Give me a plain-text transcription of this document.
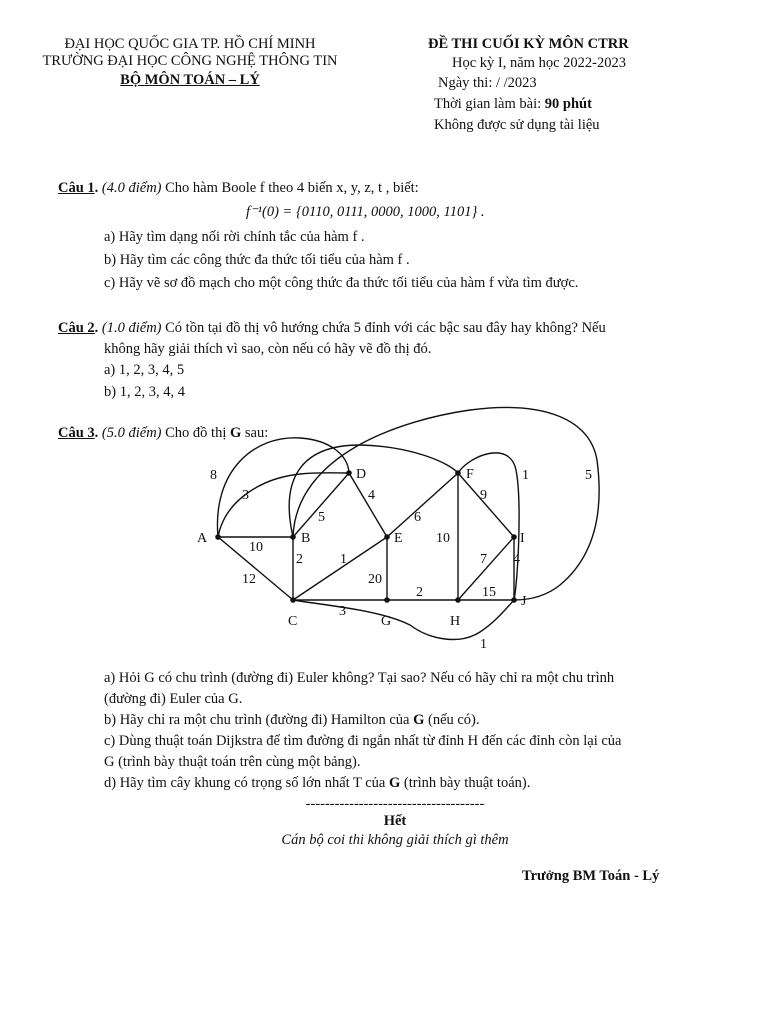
ĐẠI HỌC QUỐC GIA TP. HỒ CHÍ MINH
TRƯỜNG ĐẠI HỌC CÔNG NGHỆ THÔNG TIN
BỘ MÔN TOÁN – LÝ
ĐỀ THI CUỐI KỲ MÔN CTRR
Học kỳ I, năm học 2022-2023
Ngày thi: / /2023
Thời gian làm bài: 90 phút
Không được sử dụng tài liệu
Câu 1. (4.0 điểm) Cho hàm Boole f theo 4 biến x, y, z, t , biết:
f⁻¹(0) = {0110, 0111, 0000, 1000, 1101} .
a) Hãy tìm dạng nối rời chính tắc của hàm f .
b) Hãy tìm các công thức đa thức tối tiểu của hàm f .
c) Hãy vẽ sơ đồ mạch cho một công thức đa thức tối tiểu của hàm f vừa tìm được.
Câu 2. (1.0 điểm) Có tồn tại đồ thị vô hướng chứa 5 đỉnh với các bậc sau đây hay không? Nếu
không hãy giải thích vì sao, còn nếu có hãy vẽ đồ thị đó.
a) 1, 2, 3, 4, 5
b) 1, 2, 3, 4, 4
Câu 3. (5.0 điểm) Cho đồ thị G sau:
A	B
C
D
E
F
G	H
I
J
8
3
5
4
6
10
9
1	5
10
2	1
12	20
3
2	15
7 4
1
a) Hỏi G có chu trình (đường đi) Euler không? Tại sao? Nếu có hãy chỉ ra một chu trình
(đường đi) Euler của G.
b) Hãy chỉ ra một chu trình (đường đi) Hamilton của G (nếu có).
c) Dùng thuật toán Dijkstra để tìm đường đi ngắn nhất từ đỉnh H đến các đỉnh còn lại của
G (trình bày thuật toán trên cùng một bảng).
d) Hãy tìm cây khung có trọng số lớn nhất T của G (trình bày thuật toán).
-------------------------------------
Hết
Cán bộ coi thi không giải thích gì thêm
Trưởng BM Toán - Lý
